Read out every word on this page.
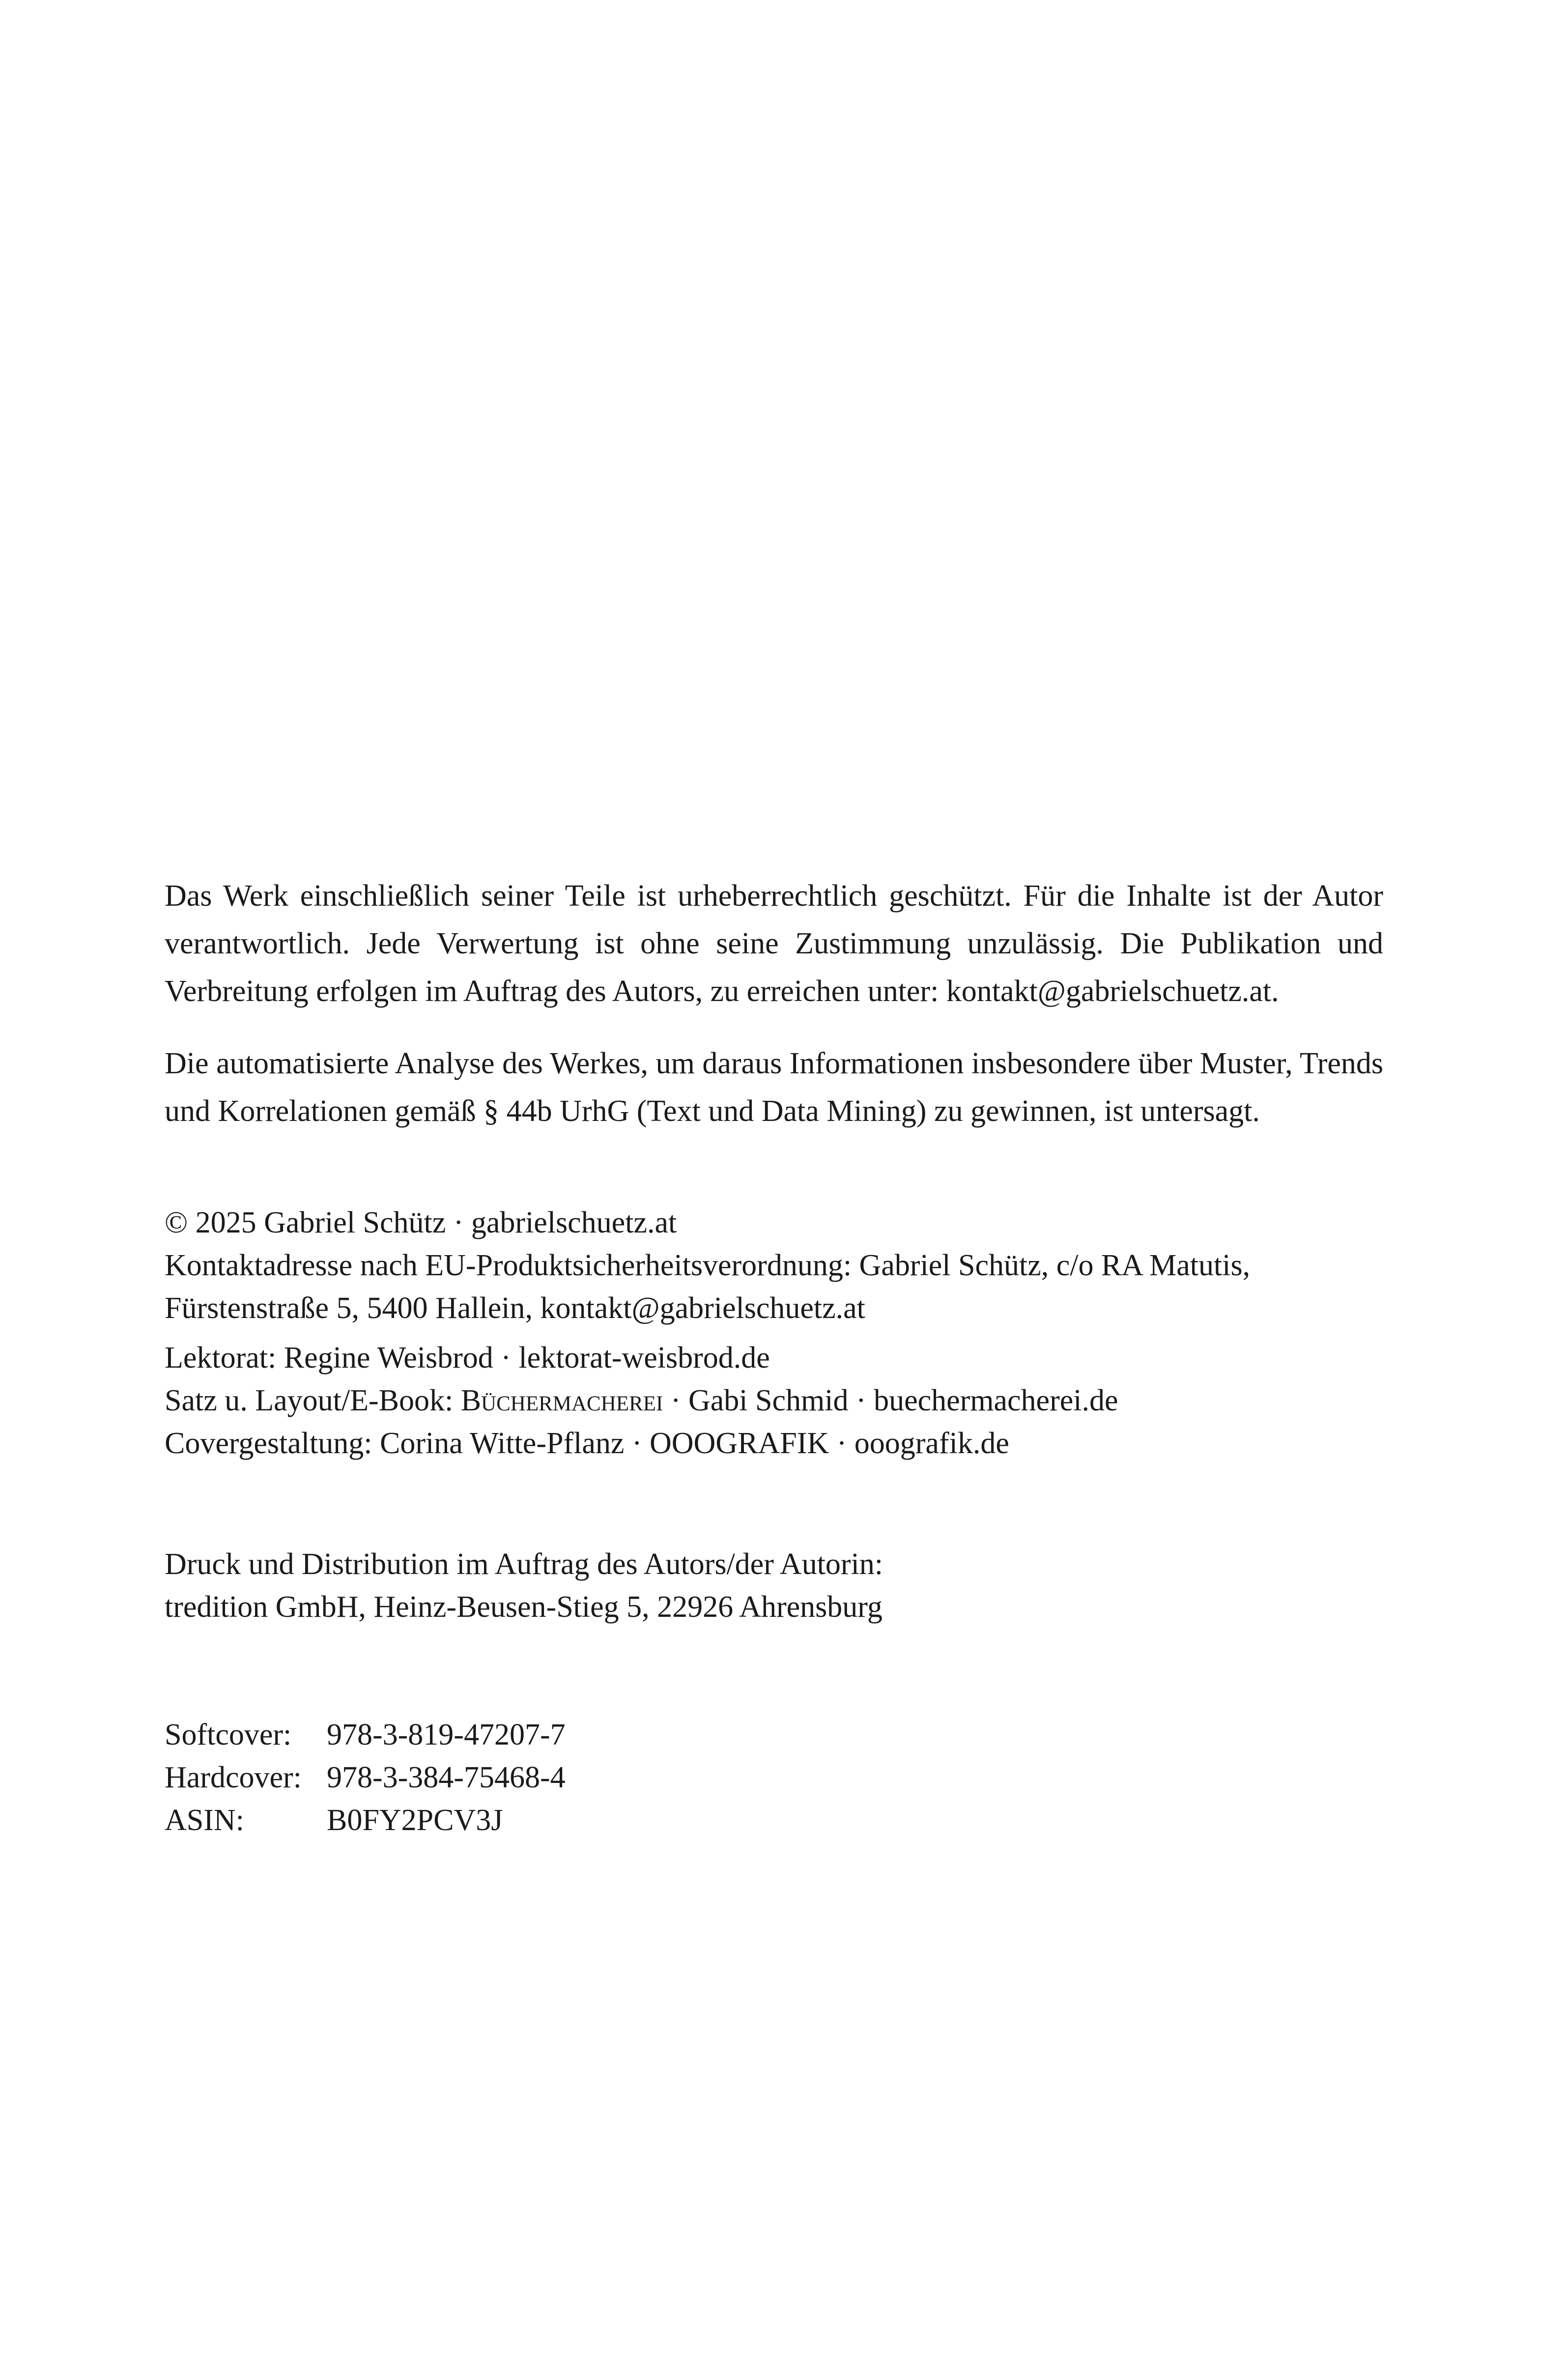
Das Werk einschließlich seiner Teile ist urheberrechtlich geschützt. Für die Inhalte ist der Autor verantwortlich. Jede Verwertung ist ohne seine Zustimmung unzulässig. Die Publikation und Verbreitung erfolgen im Auftrag des Autors, zu erreichen unter: kontakt@gabrielschuetz.at.

Die automatisierte Analyse des Werkes, um daraus Informationen insbesondere über Muster, Trends und Korrelationen gemäß § 44b UrhG (Text und Data Mining) zu gewinnen, ist untersagt.

© 2025 Gabriel Schütz · gabrielschuetz.at
Kontaktadresse nach EU-Produktsicherheitsverordnung: Gabriel Schütz, c/o RA Matutis,
Fürstenstraße 5, 5400 Hallein, kontakt@gabrielschuetz.at
Lektorat: Regine Weisbrod · lektorat-weisbrod.de
Satz u. Layout/E-Book: Büchermacherei · Gabi Schmid · buechermacherei.de
Covergestaltung: Corina Witte-Pflanz · OOOGRAFIK · ooografik.de
Druck und Distribution im Auftrag des Autors/der Autorin:
tredition GmbH, Heinz-Beusen-Stieg 5, 22926 Ahrensburg
Softcover:	978-3-819-47207-7
Hardcover: 978-3-384-75468-4
ASIN:	B0FY2PCV3J
